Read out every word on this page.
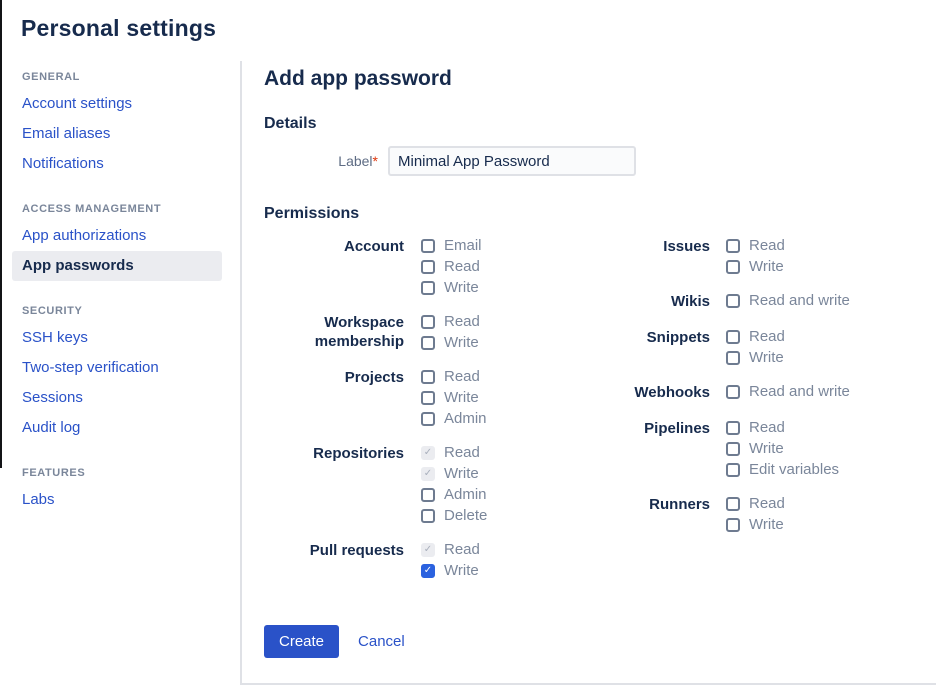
Personal settings
GENERAL
Account settings
Email aliases
Notifications
ACCESS MANAGEMENT
App authorizations
App passwords
SECURITY
SSH keys
Two-step verification
Sessions
Audit log
FEATURES
Labs
Add app password
Details
Label*
Minimal App Password
Permissions
Account	Email
Read
Write
Workspace membership
Read
Write
Projects	Read
Write
Admin
Repositories	✓ Read
✓ Write
Admin
Delete
Pull requests	✓ Read
✓ Write
Issues	Read
Write
Wikis	Read and write
Snippets	Read
Write
Webhooks	Read and write
Pipelines	Read
Write
Edit variables
Runners	Read
Write
Create	Cancel
